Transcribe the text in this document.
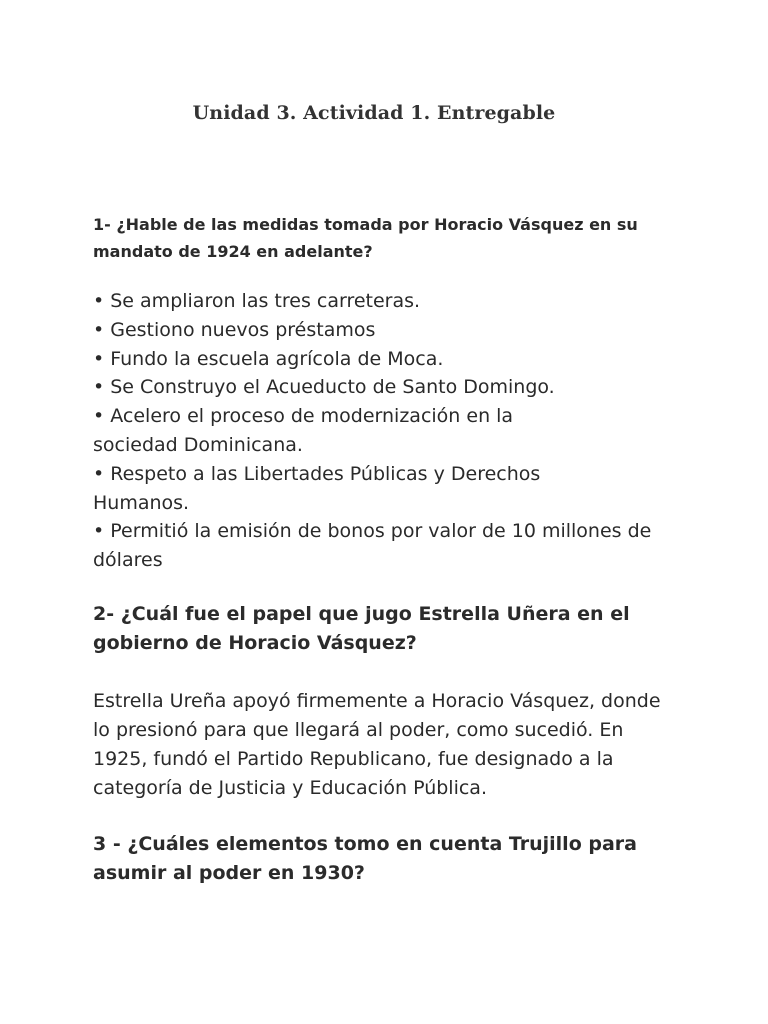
Unidad 3. Actividad 1. Entregable
1- ¿Hable de las medidas tomada por Horacio Vásquez en su
mandato de 1924 en adelante?
• Se ampliaron las tres carreteras.
• Gestiono nuevos préstamos
• Fundo la escuela agrícola de Moca.
• Se Construyo el Acueducto de Santo Domingo.
• Acelero el proceso de modernización en la
sociedad Dominicana.
• Respeto a las Libertades Públicas y Derechos
Humanos.
• Permitió la emisión de bonos por valor de 10 millones de
dólares
2- ¿Cuál fue el papel que jugo Estrella Uñera en el
gobierno de Horacio Vásquez?
Estrella Ureña apoyó firmemente a Horacio Vásquez, donde
lo presionó para que llegará al poder, como sucedió. En
1925, fundó el Partido Republicano, fue designado a la
categoría de Justicia y Educación Pública.
3 - ¿Cuáles elementos tomo en cuenta Trujillo para
asumir al poder en 1930?
